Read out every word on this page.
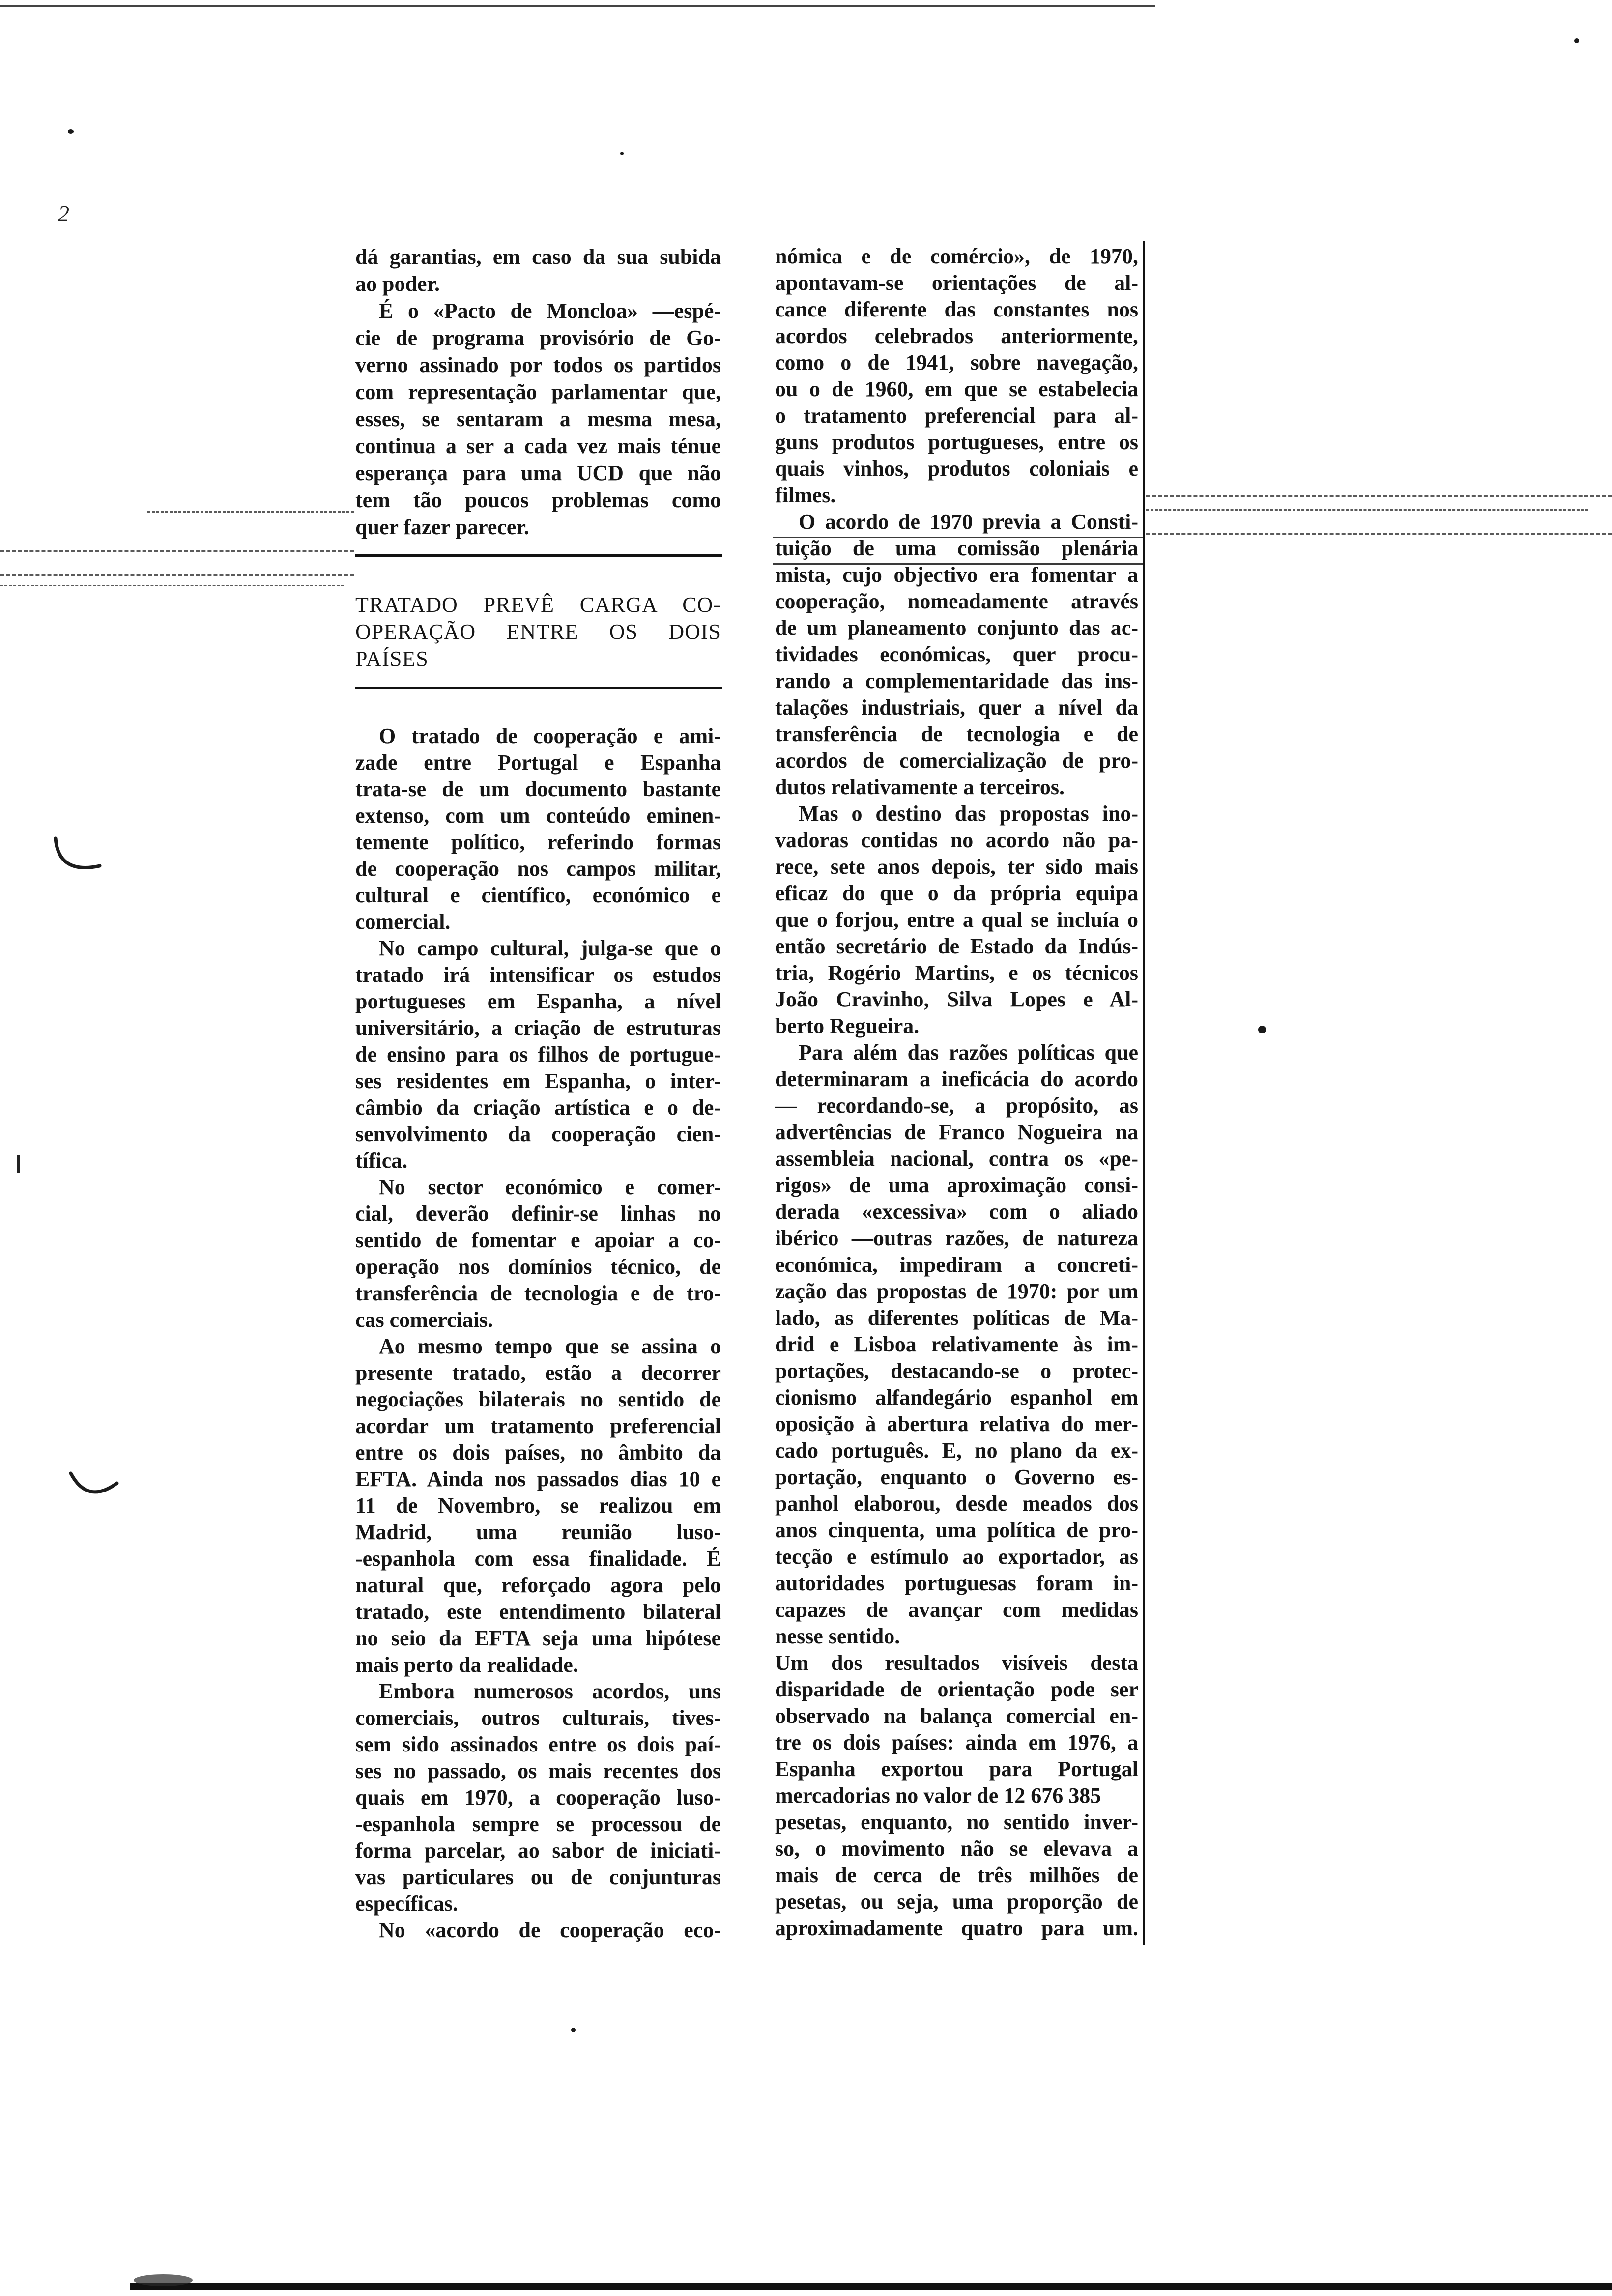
2
dá garantias, em caso da sua subida
ao poder.
É o «Pacto de Moncloa» —espé-
cie de programa provisório de Go-
verno assinado por todos os partidos
com representação parlamentar que,
esses, se sentaram a mesma mesa,
continua a ser a cada vez mais ténue
esperança para uma UCD que não
tem tão poucos problemas como
quer fazer parecer.
TRATADO PREVÊ CARGA CO-
OPERAÇÃO ENTRE OS DOIS
PAÍSES
O tratado de cooperação e ami-
zade entre Portugal e Espanha
trata-se de um documento bastante
extenso, com um conteúdo eminen-
temente político, referindo formas
de cooperação nos campos militar,
cultural e científico, económico e
comercial.
No campo cultural, julga-se que o
tratado irá intensificar os estudos
portugueses em Espanha, a nível
universitário, a criação de estruturas
de ensino para os filhos de portugue-
ses residentes em Espanha, o inter-
câmbio da criação artística e o de-
senvolvimento da cooperação cien-
tífica.
No sector económico e comer-
cial, deverão definir-se linhas no
sentido de fomentar e apoiar a co-
operação nos domínios técnico, de
transferência de tecnologia e de tro-
cas comerciais.
Ao mesmo tempo que se assina o
presente tratado, estão a decorrer
negociações bilaterais no sentido de
acordar um tratamento preferencial
entre os dois países, no âmbito da
EFTA. Ainda nos passados dias 10 e
11 de Novembro, se realizou em
Madrid, uma reunião luso-
-espanhola com essa finalidade. É
natural que, reforçado agora pelo
tratado, este entendimento bilateral
no seio da EFTA seja uma hipótese
mais perto da realidade.
Embora numerosos acordos, uns
comerciais, outros culturais, tives-
sem sido assinados entre os dois paí-
ses no passado, os mais recentes dos
quais em 1970, a cooperação luso-
-espanhola sempre se processou de
forma parcelar, ao sabor de iniciati-
vas particulares ou de conjunturas
específicas.
No «acordo de cooperação eco-
nómica e de comércio», de 1970,
apontavam-se orientações de al-
cance diferente das constantes nos
acordos celebrados anteriormente,
como o de 1941, sobre navegação,
ou o de 1960, em que se estabelecia
o tratamento preferencial para al-
guns produtos portugueses, entre os
quais vinhos, produtos coloniais e
filmes.
O acordo de 1970 previa a Consti-
tuição de uma comissão plenária
mista, cujo objectivo era fomentar a
cooperação, nomeadamente através
de um planeamento conjunto das ac-
tividades económicas, quer procu-
rando a complementaridade das ins-
talações industriais, quer a nível da
transferência de tecnologia e de
acordos de comercialização de pro-
dutos relativamente a terceiros.
Mas o destino das propostas ino-
vadoras contidas no acordo não pa-
rece, sete anos depois, ter sido mais
eficaz do que o da própria equipa
que o forjou, entre a qual se incluía o
então secretário de Estado da Indús-
tria, Rogério Martins, e os técnicos
João Cravinho, Silva Lopes e Al-
berto Regueira.
Para além das razões políticas que
determinaram a ineficácia do acordo
— recordando-se, a propósito, as
advertências de Franco Nogueira na
assembleia nacional, contra os «pe-
rigos» de uma aproximação consi-
derada «excessiva» com o aliado
ibérico —outras razões, de natureza
económica, impediram a concreti-
zação das propostas de 1970: por um
lado, as diferentes políticas de Ma-
drid e Lisboa relativamente às im-
portações, destacando-se o protec-
cionismo alfandegário espanhol em
oposição à abertura relativa do mer-
cado português. E, no plano da ex-
portação, enquanto o Governo es-
panhol elaborou, desde meados dos
anos cinquenta, uma política de pro-
tecção e estímulo ao exportador, as
autoridades portuguesas foram in-
capazes de avançar com medidas
nesse sentido.
Um dos resultados visíveis desta
disparidade de orientação pode ser
observado na balança comercial en-
tre os dois países: ainda em 1976, a
Espanha exportou para Portugal
mercadorias no valor de 12 676 385
pesetas, enquanto, no sentido inver-
so, o movimento não se elevava a
mais de cerca de três milhões de
pesetas, ou seja, uma proporção de
aproximadamente quatro para um.
